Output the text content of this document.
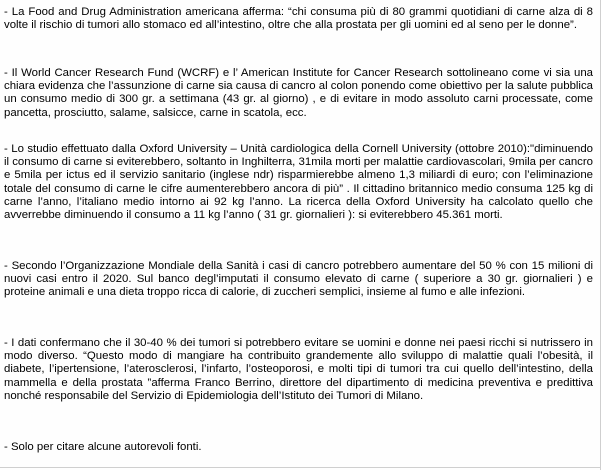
- La Food and Drug Administration americana afferma: “chi consuma più di 80 grammi quotidiani di carne alza di 8 volte il rischio di tumori allo stomaco ed all’intestino, oltre che alla prostata per gli uomini ed al seno per le donne”.

- Il World Cancer Research Fund (WCRF) e l’ American Institute for Cancer Research sottolineano come vi sia una chiara evidenza che l’assunzione di carne sia causa di cancro al colon ponendo come obiettivo per la salute pubblica un consumo medio di 300 gr. a settimana (43 gr. al giorno) , e di evitare in modo assoluto carni processate, come pancetta, prosciutto, salame, salsicce, carne in scatola, ecc.

- Lo studio effettuato dalla Oxford University – Unità cardiologica della Cornell University (ottobre 2010):"diminuendo il consumo di carne si eviterebbero, soltanto in Inghilterra, 31mila morti per malattie cardiovascolari, 9mila per cancro e 5mila per ictus ed il servizio sanitario (inglese ndr) risparmierebbe almeno 1,3 miliardi di euro; con l’eliminazione totale del consumo di carne le cifre aumenterebbero ancora di più” . Il cittadino britannico medio consuma 125 kg di carne l’anno, l’italiano medio intorno ai 92 kg l’anno. La ricerca della Oxford University ha calcolato quello che avverrebbe diminuendo il consumo a 11 kg l’anno ( 31 gr. giornalieri ): si eviterebbero 45.361 morti.

- Secondo l’Organizzazione Mondiale della Sanità i casi di cancro potrebbero aumentare del 50 % con 15 milioni di nuovi casi entro il 2020. Sul banco degl’imputati il consumo elevato di carne ( superiore a 30 gr. giornalieri ) e proteine animali e una dieta troppo ricca di calorie, di zuccheri semplici, insieme al fumo e alle infezioni.

- I dati confermano che il 30-40 % dei tumori si potrebbero evitare se uomini e donne nei paesi ricchi si nutrissero in modo diverso. “Questo modo di mangiare ha contribuito grandemente allo sviluppo di malattie quali l’obesità, il diabete, l’ipertensione, l’aterosclerosi, l’infarto, l’osteoporosi, e molti tipi di tumori tra cui quello dell’intestino, della mammella e della prostata ”afferma Franco Berrino, direttore del dipartimento di medicina preventiva e predittiva nonché responsabile del Servizio di Epidemiologia dell’Istituto dei Tumori di Milano.

- Solo per citare alcune autorevoli fonti.
